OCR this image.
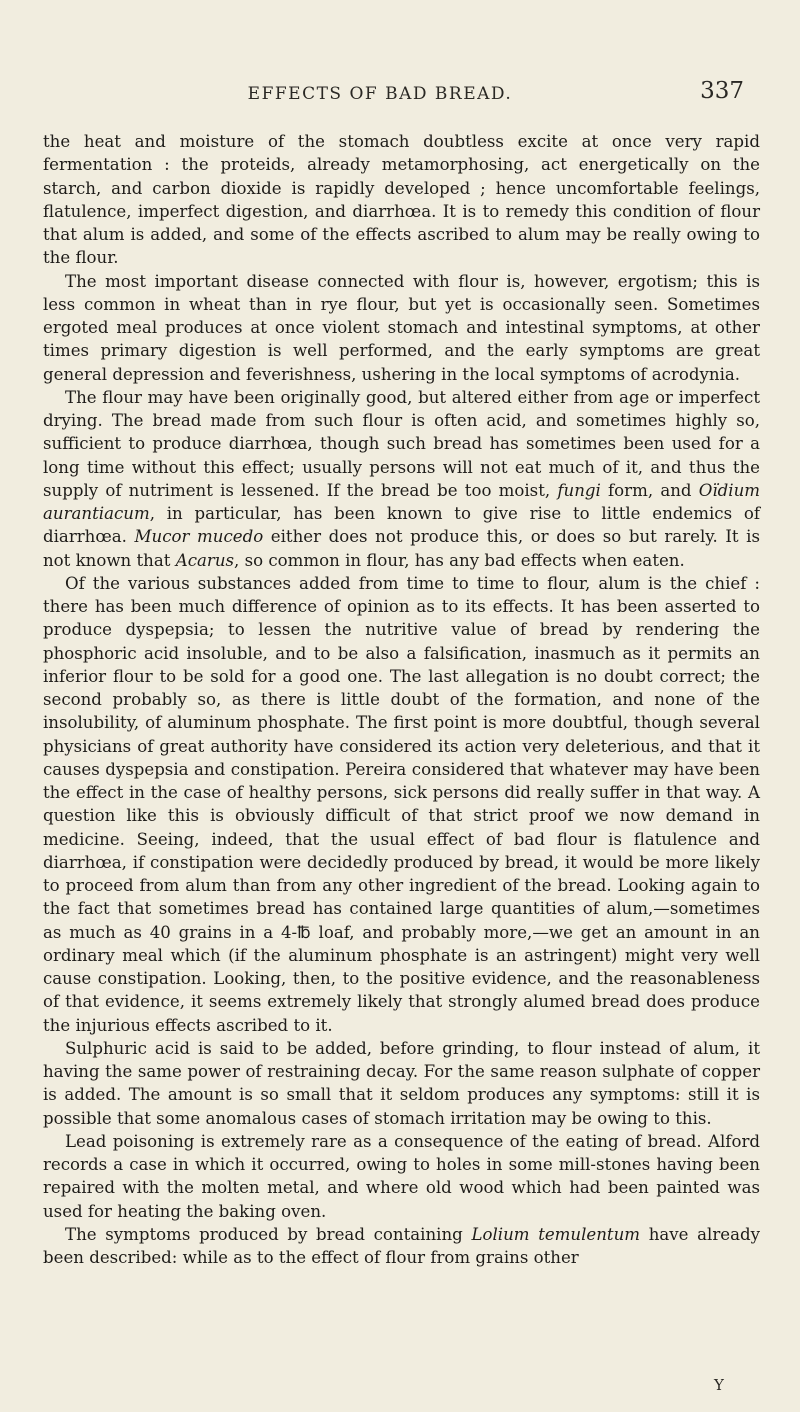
EFFECTS OF BAD BREAD.	337

the heat and moisture of the stomach doubtless excite at once very rapid fermentation : the proteids, already metamorphosing, act energetically on the starch, and carbon dioxide is rapidly developed ; hence uncomfortable feelings, flatulence, imperfect digestion, and diarrhœa. It is to remedy this condition of flour that alum is added, and some of the effects ascribed to alum may be really owing to the flour.

The most important disease connected with flour is, however, ergotism; this is less common in wheat than in rye flour, but yet is occasionally seen. Sometimes ergoted meal produces at once violent stomach and intestinal symptoms, at other times primary digestion is well performed, and the early symptoms are great general depression and feverishness, ushering in the local symptoms of acrodynia.

The flour may have been originally good, but altered either from age or imperfect drying. The bread made from such flour is often acid, and sometimes highly so, sufficient to produce diarrhœa, though such bread has sometimes been used for a long time without this effect; usually persons will not eat much of it, and thus the supply of nutriment is lessened. If the bread be too moist, fungi form, and Oïdium aurantiacum, in particular, has been known to give rise to little endemics of diarrhœa. Mucor mucedo either does not produce this, or does so but rarely. It is not known that Acarus, so common in flour, has any bad effects when eaten.

Of the various substances added from time to time to flour, alum is the chief : there has been much difference of opinion as to its effects. It has been asserted to produce dyspepsia; to lessen the nutritive value of bread by rendering the phosphoric acid insoluble, and to be also a falsification, inasmuch as it permits an inferior flour to be sold for a good one. The last allegation is no doubt correct; the second probably so, as there is little doubt of the formation, and none of the insolubility, of aluminum phosphate. The first point is more doubtful, though several physicians of great authority have considered its action very deleterious, and that it causes dyspepsia and constipation. Pereira considered that whatever may have been the effect in the case of healthy persons, sick persons did really suffer in that way. A question like this is obviously difficult of that strict proof we now demand in medicine. Seeing, indeed, that the usual effect of bad flour is flatulence and diarrhœa, if constipation were decidedly produced by bread, it would be more likely to proceed from alum than from any other ingredient of the bread. Looking again to the fact that sometimes bread has contained large quantities of alum,—sometimes as much as 40 grains in a 4-℔ loaf, and probably more,—we get an amount in an ordinary meal which (if the aluminum phosphate is an astringent) might very well cause constipation. Looking, then, to the positive evidence, and the reasonableness of that evidence, it seems extremely likely that strongly alumed bread does produce the injurious effects ascribed to it.

Sulphuric acid is said to be added, before grinding, to flour instead of alum, it having the same power of restraining decay. For the same reason sulphate of copper is added. The amount is so small that it seldom produces any symptoms: still it is possible that some anomalous cases of stomach irritation may be owing to this.

Lead poisoning is extremely rare as a consequence of the eating of bread. Alford records a case in which it occurred, owing to holes in some mill-stones having been repaired with the molten metal, and where old wood which had been painted was used for heating the baking oven.

The symptoms produced by bread containing Lolium temulentum have already been described: while as to the effect of flour from grains other

Y
